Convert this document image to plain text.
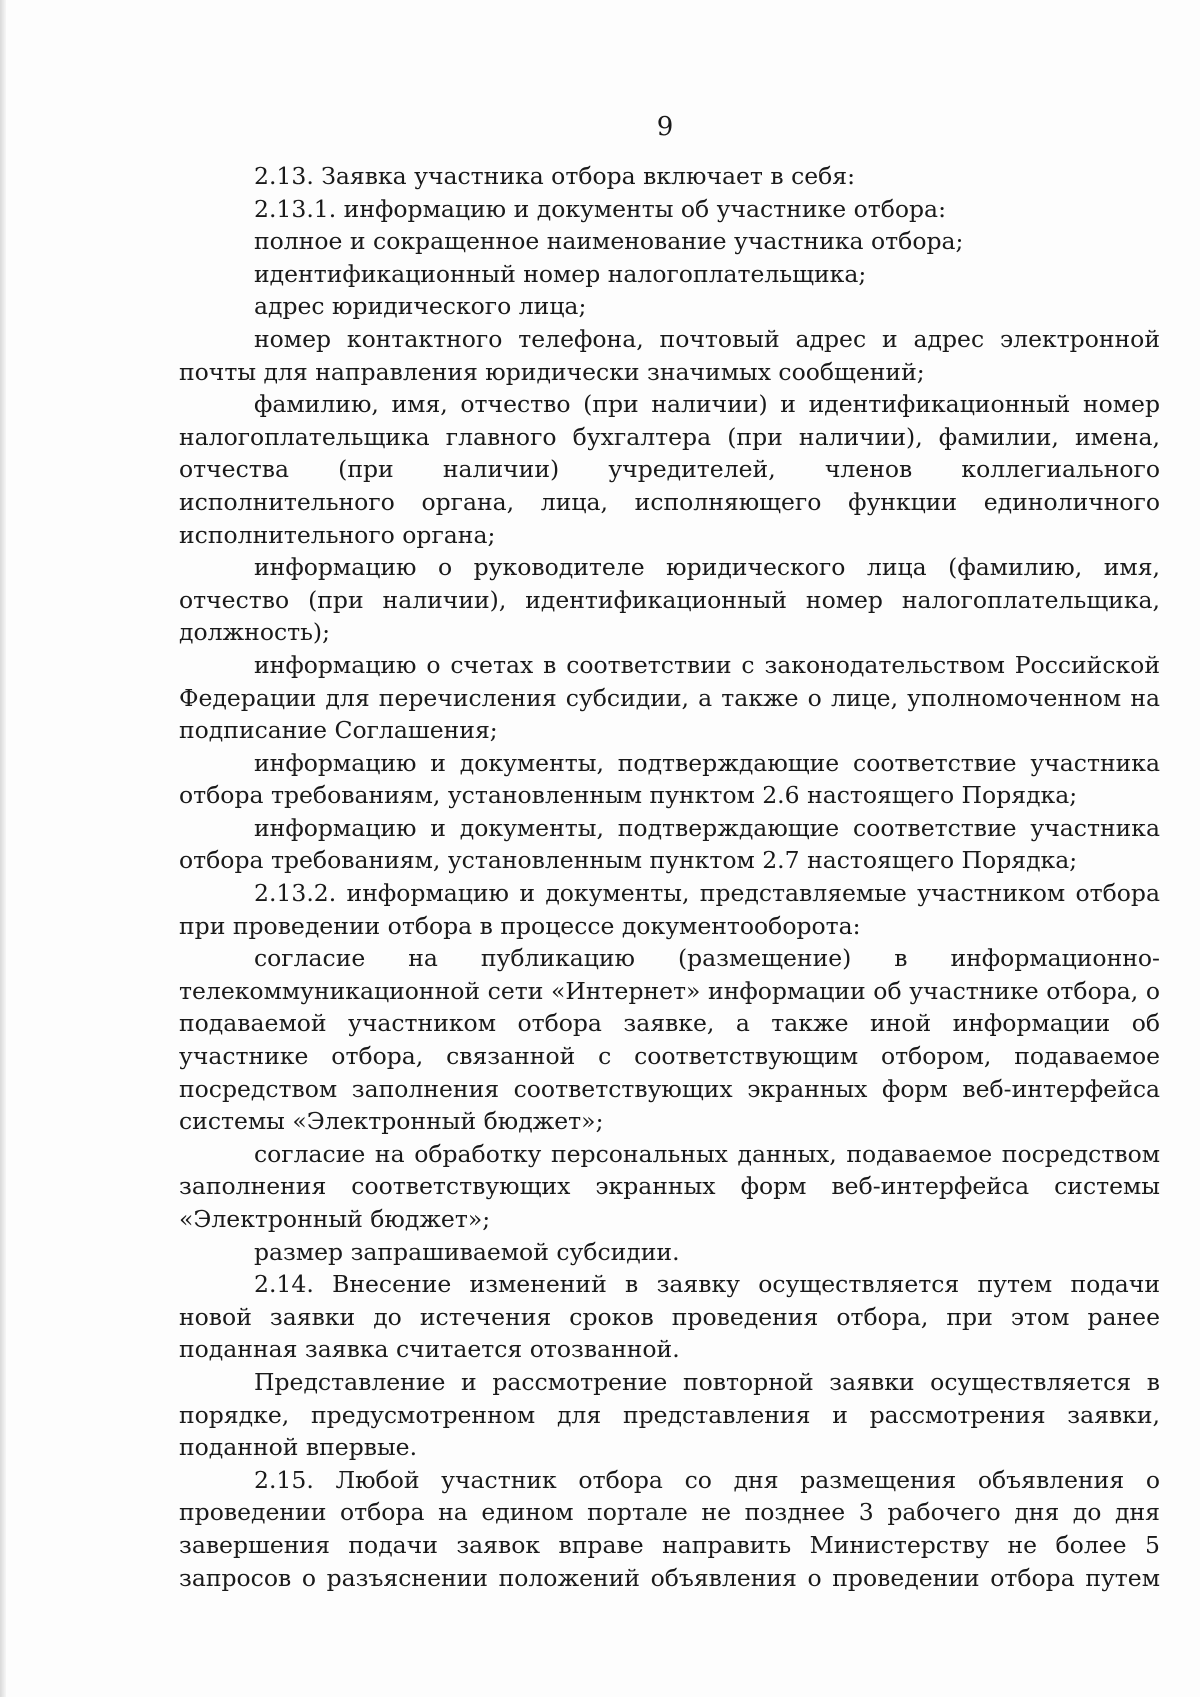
9

2.13. Заявка участника отбора включает в себя:

2.13.1. информацию и документы об участнике отбора:

полное и сокращенное наименование участника отбора;

идентификационный номер налогоплательщика;

адрес юридического лица;

номер контактного телефона, почтовый адрес и адрес электронной почты для направления юридически значимых сообщений;

фамилию, имя, отчество (при наличии) и идентификационный номер налогоплательщика главного бухгалтера (при наличии), фамилии, имена, отчества (при наличии) учредителей, членов коллегиального исполнительного органа, лица, исполняющего функции единоличного исполнительного органа;

информацию о руководителе юридического лица (фамилию, имя, отчество (при наличии), идентификационный номер налогоплательщика, должность);

информацию о счетах в соответствии с законодательством Российской Федерации для перечисления субсидии, а также о лице, уполномоченном на подписание Соглашения;

информацию и документы, подтверждающие соответствие участника отбора требованиям, установленным пунктом 2.6 настоящего Порядка;

информацию и документы, подтверждающие соответствие участника отбора требованиям, установленным пунктом 2.7 настоящего Порядка;

2.13.2. информацию и документы, представляемые участником отбора при проведении отбора в процессе документооборота:

согласие на публикацию (размещение) в информационно-телекоммуникационной сети «Интернет» информации об участнике отбора, о подаваемой участником отбора заявке, а также иной информации об участнике отбора, связанной с соответствующим отбором, подаваемое посредством заполнения соответствующих экранных форм веб-интерфейса системы «Электронный бюджет»;

согласие на обработку персональных данных, подаваемое посредством заполнения соответствующих экранных форм веб-интерфейса системы «Электронный бюджет»;

размер запрашиваемой субсидии.

2.14. Внесение изменений в заявку осуществляется путем подачи новой заявки до истечения сроков проведения отбора, при этом ранее поданная заявка считается отозванной.

Представление и рассмотрение повторной заявки осуществляется в порядке, предусмотренном для представления и рассмотрения заявки, поданной впервые.

2.15. Любой участник отбора со дня размещения объявления о проведении отбора на едином портале не позднее 3 рабочего дня до дня завершения подачи заявок вправе направить Министерству не более 5 запросов о разъяснении положений объявления о проведении отбора путем
